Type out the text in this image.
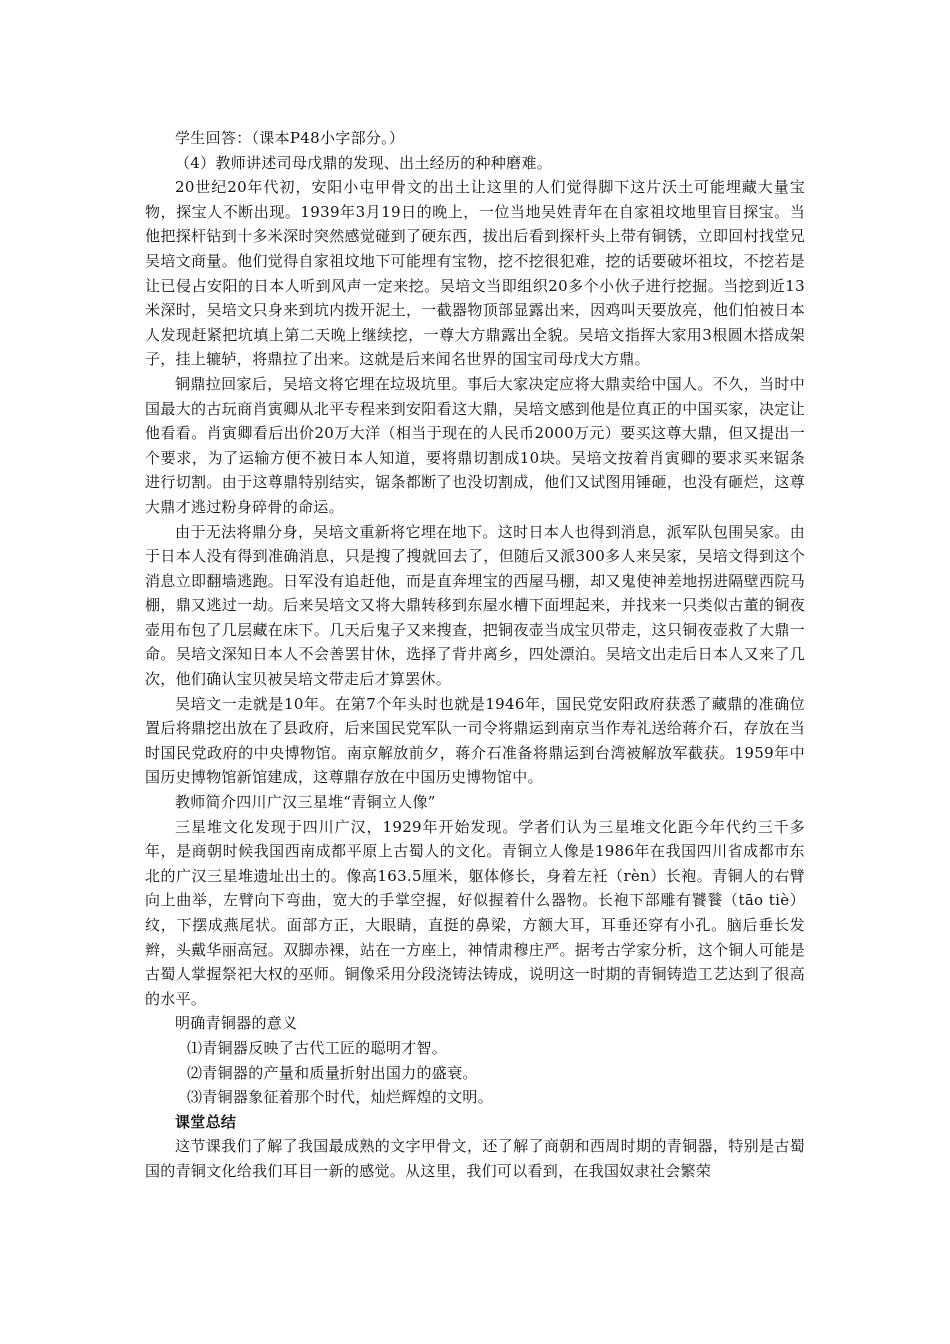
学生回答：（课本P48小字部分。）

（4）教师讲述司母戊鼎的发现、出土经历的种种磨难。

20世纪20年代初，安阳小屯甲骨文的出土让这里的人们觉得脚下这片沃土可能埋藏大量宝物，探宝人不断出现。1939年3月19日的晚上，一位当地吴姓青年在自家祖坟地里盲目探宝。当他把探杆钻到十多米深时突然感觉碰到了硬东西，拔出后看到探杆头上带有铜锈，立即回村找堂兄吴培文商量。他们觉得自家祖坟地下可能埋有宝物，挖不挖很犯难，挖的话要破坏祖坟，不挖若是让已侵占安阳的日本人听到风声一定来挖。吴培文当即组织20多个小伙子进行挖掘。当挖到近13米深时，吴培文只身来到坑内拨开泥土，一截器物顶部显露出来，因鸡叫天要放亮，他们怕被日本人发现赶紧把坑填上第二天晚上继续挖，一尊大方鼎露出全貌。吴培文指挥大家用3根圆木搭成架子，挂上辘轳，将鼎拉了出来。这就是后来闻名世界的国宝司母戊大方鼎。

铜鼎拉回家后，吴培文将它埋在垃圾坑里。事后大家决定应将大鼎卖给中国人。不久，当时中国最大的古玩商肖寅卿从北平专程来到安阳看这大鼎，吴培文感到他是位真正的中国买家，决定让他看看。肖寅卿看后出价20万大洋（相当于现在的人民币2000万元）要买这尊大鼎，但又提出一个要求，为了运输方便不被日本人知道，要将鼎切割成10块。吴培文按着肖寅卿的要求买来锯条进行切割。由于这尊鼎特别结实，锯条都断了也没切割成，他们又试图用锤砸，也没有砸烂，这尊大鼎才逃过粉身碎骨的命运。

由于无法将鼎分身，吴培文重新将它埋在地下。这时日本人也得到消息，派军队包围吴家。由于日本人没有得到准确消息，只是搜了搜就回去了，但随后又派300多人来吴家，吴培文得到这个消息立即翻墙逃跑。日军没有追赶他，而是直奔埋宝的西屋马棚，却又鬼使神差地拐进隔壁西院马棚，鼎又逃过一劫。后来吴培文又将大鼎转移到东屋水槽下面埋起来，并找来一只类似古董的铜夜壶用布包了几层藏在床下。几天后鬼子又来搜查，把铜夜壶当成宝贝带走，这只铜夜壶救了大鼎一命。吴培文深知日本人不会善罢甘休，选择了背井离乡，四处漂泊。吴培文出走后日本人又来了几次，他们确认宝贝被吴培文带走后才算罢休。

吴培文一走就是10年。在第7个年头时也就是1946年，国民党安阳政府获悉了藏鼎的准确位置后将鼎挖出放在了县政府，后来国民党军队一司令将鼎运到南京当作寿礼送给蒋介石，存放在当时国民党政府的中央博物馆。南京解放前夕，蒋介石准备将鼎运到台湾被解放军截获。1959年中国历史博物馆新馆建成，这尊鼎存放在中国历史博物馆中。

教师简介四川广汉三星堆“青铜立人像”

三星堆文化发现于四川广汉，1929年开始发现。学者们认为三星堆文化距今年代约三千多年，是商朝时候我国西南成都平原上古蜀人的文化。青铜立人像是1986年在我国四川省成都市东北的广汉三星堆遗址出土的。像高163.5厘米，躯体修长，身着左衽（rèn）长袍。青铜人的右臂向上曲举，左臂向下弯曲，宽大的手掌空握，好似握着什么器物。长袍下部雕有饕餮（tāo tiè）纹，下摆成燕尾状。面部方正，大眼睛，直挺的鼻梁，方额大耳，耳垂还穿有小孔。脑后垂长发辫，头戴华丽高冠。双脚赤裸，站在一方座上，神情肃穆庄严。据考古学家分析，这个铜人可能是古蜀人掌握祭祀大权的巫师。铜像采用分段浇铸法铸成，说明这一时期的青铜铸造工艺达到了很高的水平。

明确青铜器的意义

⑴青铜器反映了古代工匠的聪明才智。

⑵青铜器的产量和质量折射出国力的盛衰。

⑶青铜器象征着那个时代，灿烂辉煌的文明。

课堂总结

这节课我们了解了我国最成熟的文字甲骨文，还了解了商朝和西周时期的青铜器，特别是古蜀国的青铜文化给我们耳目一新的感觉。从这里，我们可以看到，在我国奴隶社会繁荣
